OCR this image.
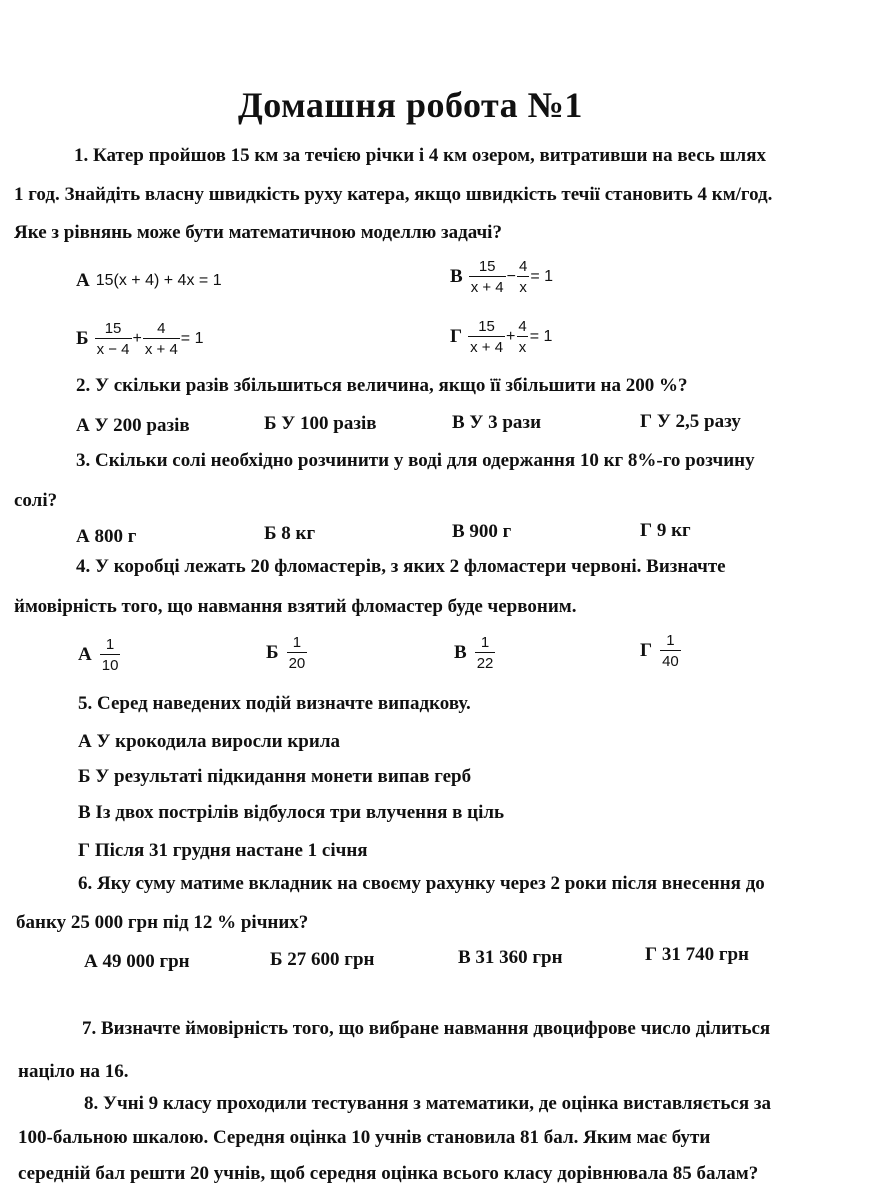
Домашня робота №1
1. Катер пройшов 15 км за течією річки і 4 км озером, витративши на весь шлях
1 год. Знайдіть власну швидкість руху катера, якщо швидкість течії становить 4 км/год.
Яке з рівнянь може бути математичною моделлю задачі?
А 15(x + 4) + 4x = 1	В $\frac{15}{x + 4} - \frac{4}{x} = 1$
Б $\frac{15}{x - 4} + \frac{4}{x + 4} = 1$	Г $\frac{15}{x + 4} + \frac{4}{x} = 1$
2. У скільки разів збільшиться величина, якщо її збільшити на 200 %?
А У 200 разів	Б У 100 разів	В У 3 рази	Г У 2,5 разу
3. Скільки солі необхідно розчинити у воді для одержання 10 кг 8%-го розчину
солі?
А 800 г	Б 8 кг	В 900 г	Г 9 кг
4. У коробці лежать 20 фломастерів, з яких 2 фломастери червоні. Визначте
ймовірність того, що навмання взятий фломастер буде червоним.
А $\frac{1}{10}$	Б $\frac{1}{20}$	В $\frac{1}{22}$	Г $\frac{1}{40}$
5. Серед наведених подій визначте випадкову.
А У крокодила виросли крила
Б У результаті підкидання монети випав герб
В Із двох пострілів відбулося три влучення в ціль
Г Після 31 грудня настане 1 січня
6. Яку суму матиме вкладник на своєму рахунку через 2 роки після внесення до
банку 25 000 грн під 12 % річних?
А 49 000 грн	Б 27 600 грн	В 31 360 грн	Г 31 740 грн
7. Визначте ймовірність того, що вибране навмання двоцифрове число ділиться
націло на 16.
8. Учні 9 класу проходили тестування з математики, де оцінка виставляється за
100-бальною шкалою. Середня оцінка 10 учнів становила 81 бал. Яким має бути
середній бал решти 20 учнів, щоб середня оцінка всього класу дорівнювала 85 балам?
